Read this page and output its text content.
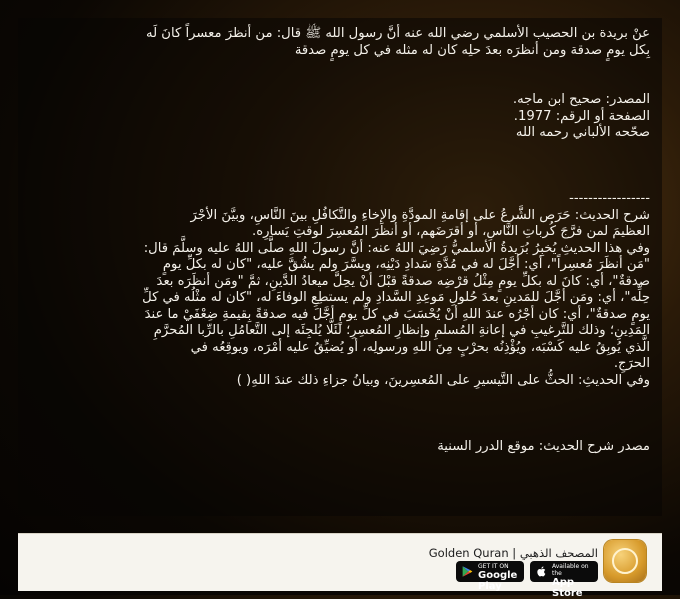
عنْ بريدة بن الحصيب الأسلمي رضي الله عنه أنَّ رسول الله ﷺ قال: من أنظرَ معسراً كانَ لَه

بِكل يومٍ صدقة ومن أنظرَه بعدَ حلِه كان له مثله في كل يومٍ صدقة

المصدر: صحيح ابن ماجه.

الصفحة أو الرقم: 1977.

صحّحه الألباني رحمه الله

-----------------

شرح الحديث: حَرَص الشَّرعُ على إقامةِ المودَّةِ والإخاءِ والتَّكافُلِ بينَ النَّاسِ، وبيَّنَ الأجْرَ

العظيمَ لمن فرَّجَ كُرباتِ النَّاسِ، أو أقرَضَهم، أو أنظَرَ المُعسِرَ لوقتِ يَسارِه.

وفي هذا الحديثِ يُخبِرُ بُرَيدةُ الأسلميُّ رَضِيَ اللهُ عنه: أنَّ رسولَ اللهِ صلَّى اللهُ عليه وسلَّمَ قال:

"مَن أنظَرَ مُعسِراً"، أي: أجَّلَ له في مُدَّةِ سَدادِ دَيْنِه، ويسَّرَ ولم يشُقَّ عليه، "كان له بكلِّ يومٍ

صدقةٌ"، أي: كانَ له بكلِّ يومٍ مِثْلُ قرْضِه صدقةً قبْلَ أنْ يحِلَّ ميعادُ الدَّينِ، ثمَّ "ومَن أنظَرَه بعدَ

حِلِّه"، أي: ومَن أجَّلَ للمَدينِ بعدَ حُلولِ مَوعِدِ السَّدادِ ولم يستطِعِ الوفاءَ له، "كان له مثْلُه في كلِّ

يومٍ صدقةٌ"، أي: كان أجْرُه عندَ اللهِ أنْ يُحْسَبَ في كلِّ يومٍ أجَّلَ فيه صدقةً بِقيمةِ ضِعْفَيْ ما عندَ

المَدِينِ؛ وذلك للتَّرغيبِ في إعانةِ المُسلمِ وإنظارِ المُعسِرِ؛ لئَلَّا يُلجِئَه إلى التَّعامُلِ بالرِّبا المُحرَّمِ

الَّذي يُوبِقُ عليه كَسْبَه، ويُؤْذِنُه بحرْبٍ مِنَ اللهِ ورسولِه، أو يُضيِّقُ عليه أمْرَه، ويوقِعُه في

الحرَجِ.

وفي الحديثِ: الحثُّ على التَّيسيرِ على المُعسِرينَ، وبيانُ جزاءِ ذلك عندَ اللهِ( )

مصدر شرح الحديث: موقع الدرر السنية

المصحف الذهبي | Golden Quran
Available on the
App Store
GET IT ON
Google Play
